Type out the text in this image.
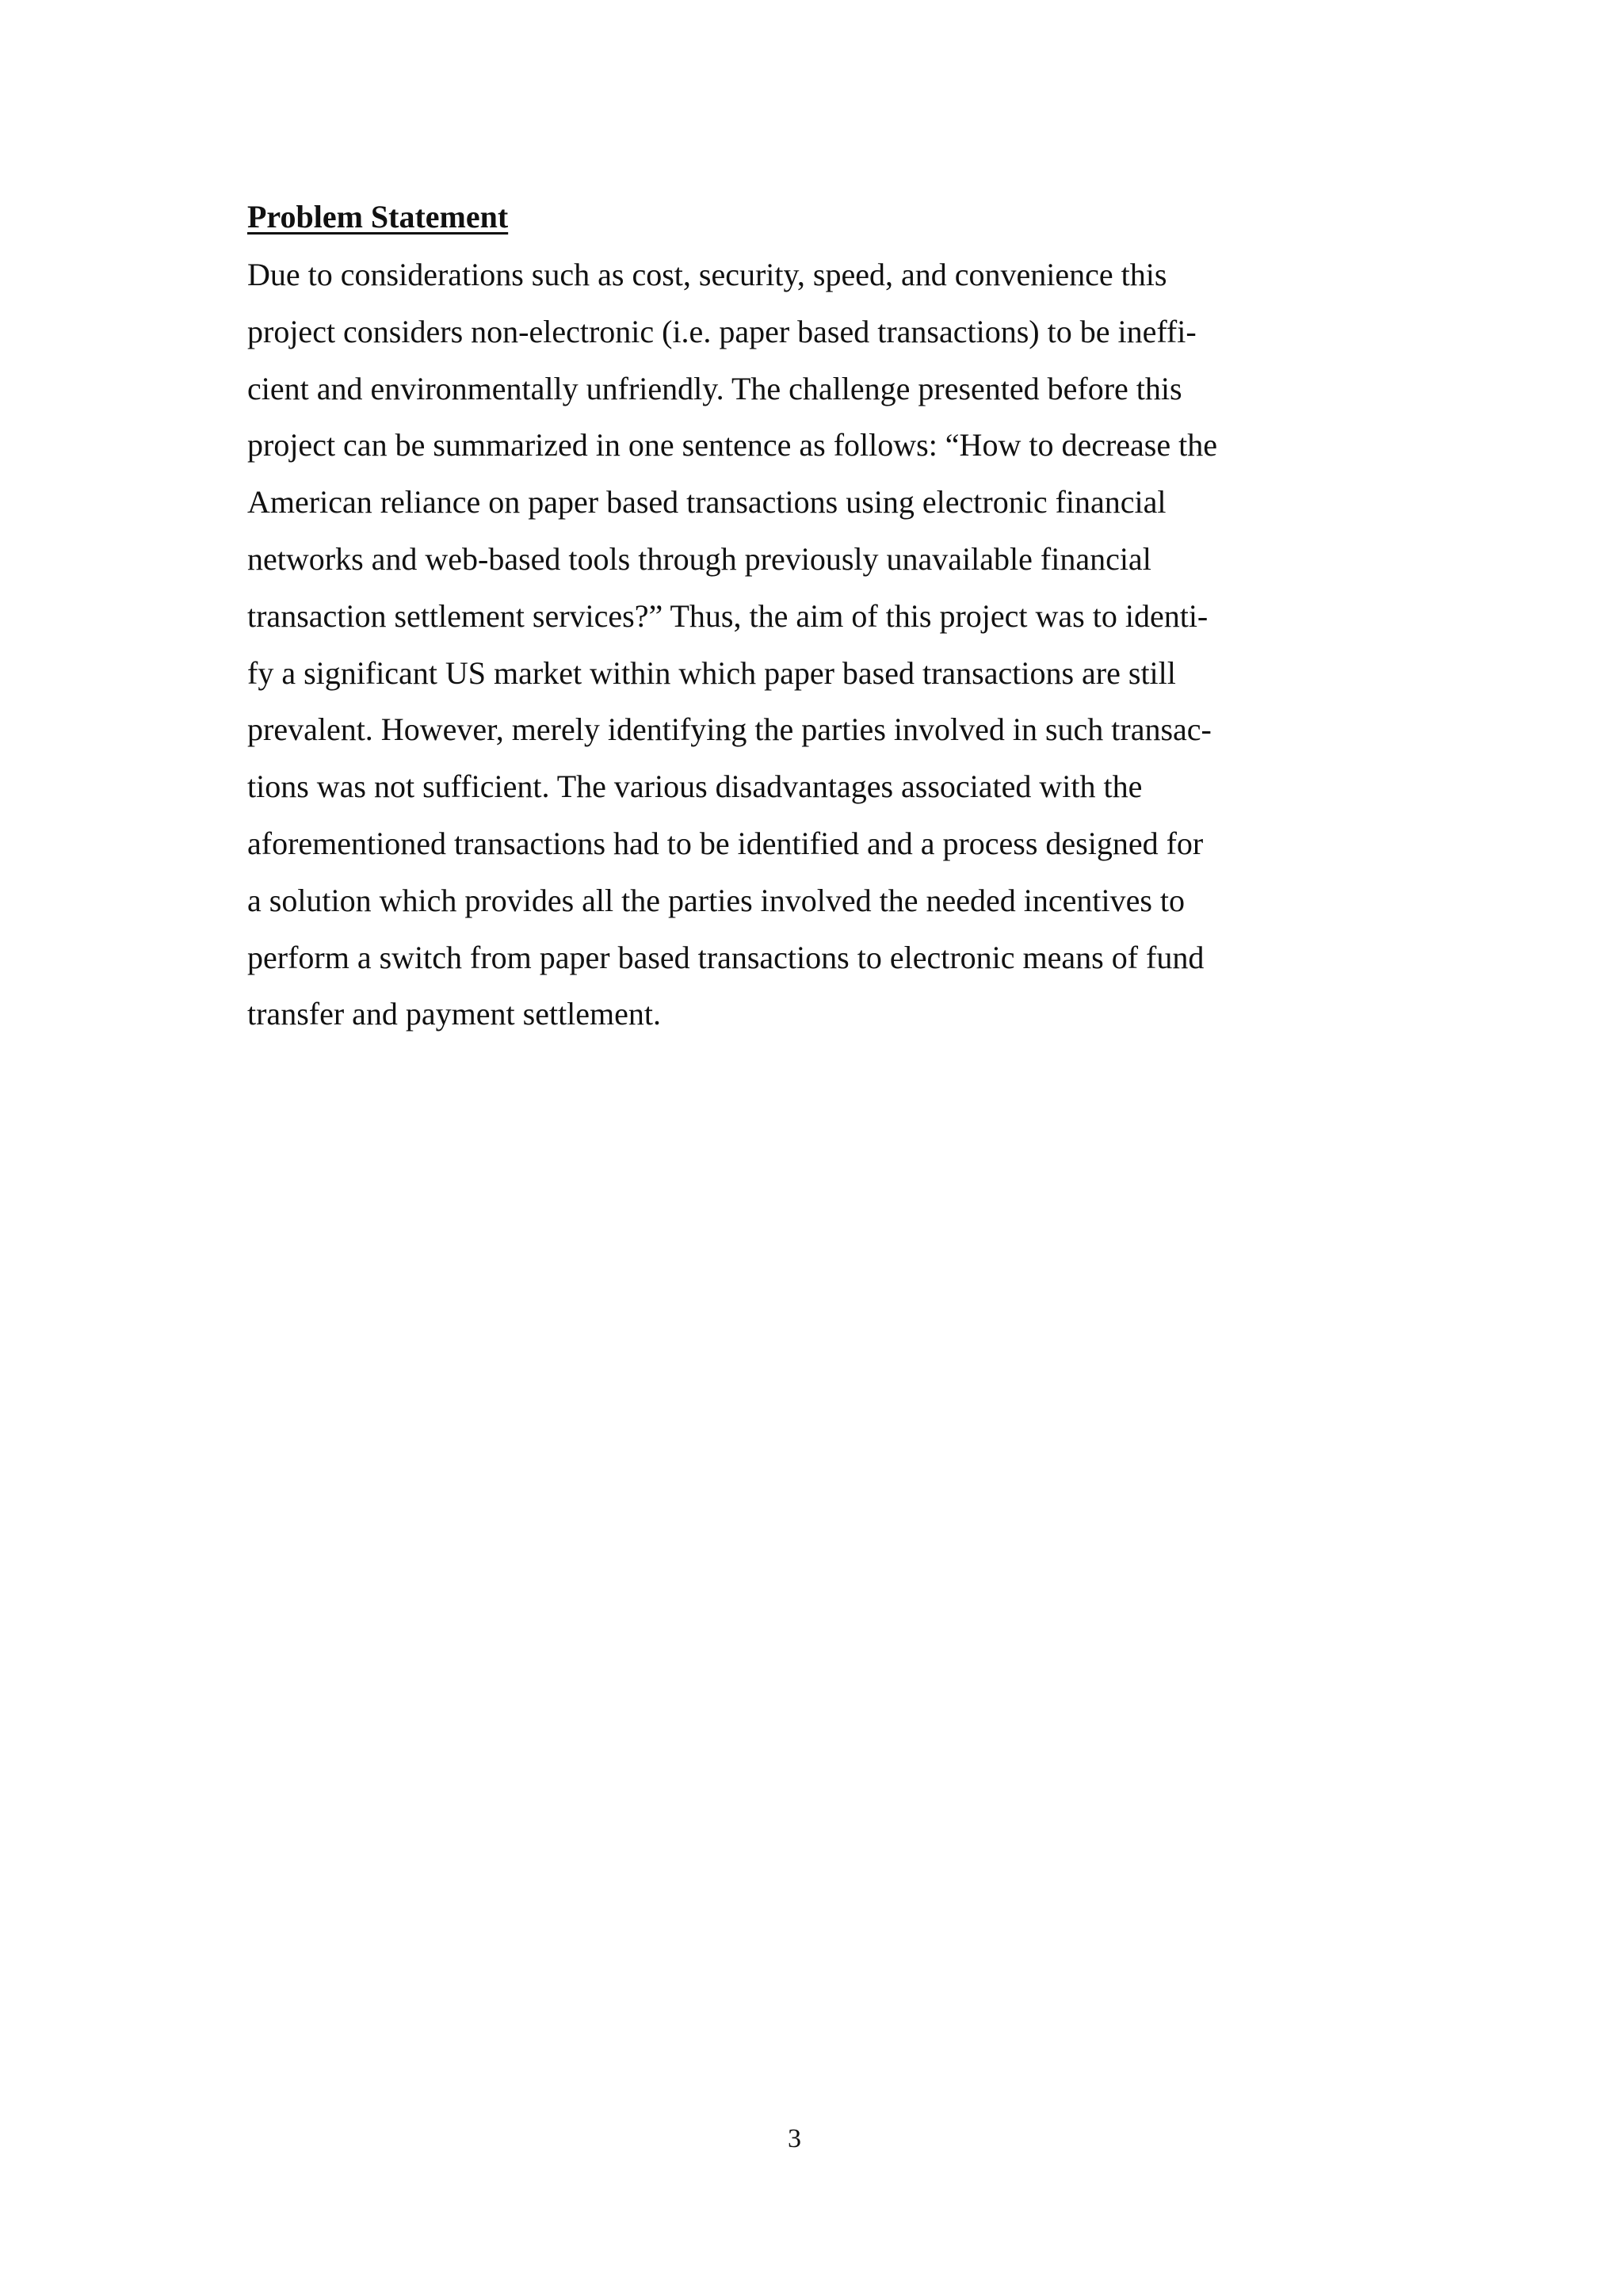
Problem Statement
Due to considerations such as cost, security, speed, and convenience this
project considers non-electronic (i.e. paper based transactions) to be ineffi-
cient and environmentally unfriendly. The challenge presented before this
project can be summarized in one sentence as follows: “How to decrease the
American reliance on paper based transactions using electronic financial
networks and web-based tools through previously unavailable financial
transaction settlement services?” Thus, the aim of this project was to identi-
fy a significant US market within which paper based transactions are still
prevalent. However, merely identifying the parties involved in such transac-
tions was not sufficient. The various disadvantages associated with the
aforementioned transactions had to be identified and a process designed for
a solution which provides all the parties involved the needed incentives to
perform a switch from paper based transactions to electronic means of fund
transfer and payment settlement.
3
